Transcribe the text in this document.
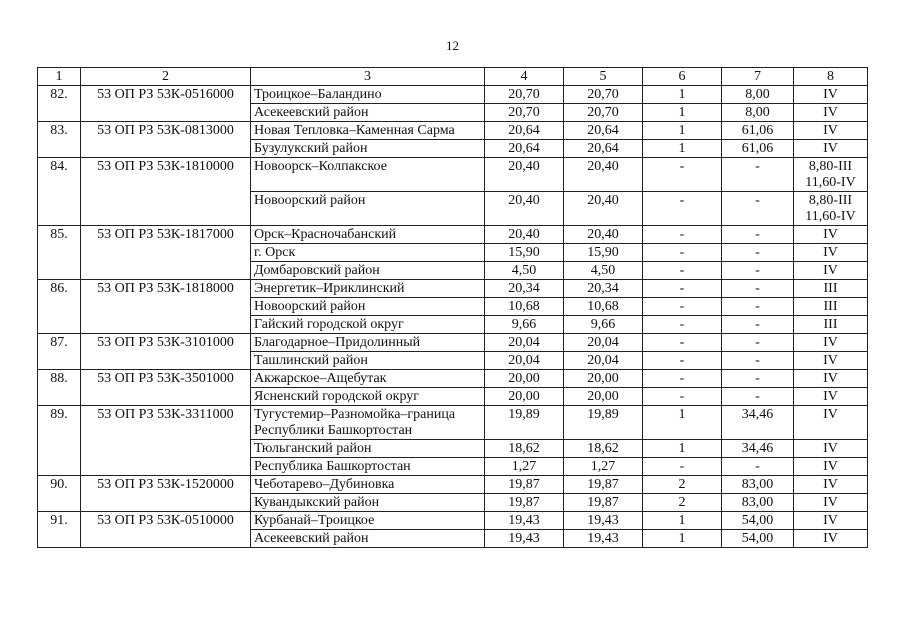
12
1	2	3	4	5	6	7	8
82.	53 ОП РЗ 53К-0516000	Троицкое–Баландино	20,70	20,70	1	8,00	IV
		Асекеевский район	20,70	20,70	1	8,00	IV
83.	53 ОП РЗ 53К-0813000	Новая Тепловка–Каменная Сарма	20,64	20,64	1	61,06	IV
		Бузулукский район	20,64	20,64	1	61,06	IV
84.	53 ОП РЗ 53К-1810000	Новоорск–Колпакское	20,40	20,40	-	-	8,80-III
11,60-IV
		Новоорский район	20,40	20,40	-	-	8,80-III
11,60-IV
85.	53 ОП РЗ 53К-1817000	Орск–Красночабанский	20,40	20,40	-	-	IV
		г. Орск	15,90	15,90	-	-	IV
		Домбаровский район	4,50	4,50	-	-	IV
86.	53 ОП РЗ 53К-1818000	Энергетик–Ириклинский	20,34	20,34	-	-	III
		Новоорский район	10,68	10,68	-	-	III
		Гайский городской округ	9,66	9,66	-	-	III
87.	53 ОП РЗ 53К-3101000	Благодарное–Придолинный	20,04	20,04	-	-	IV
		Ташлинский район	20,04	20,04	-	-	IV
88.	53 ОП РЗ 53К-3501000	Акжарское–Ащебутак	20,00	20,00	-	-	IV
		Ясненский городской округ	20,00	20,00	-	-	IV
89.	53 ОП РЗ 53К-3311000	Тугустемир–Разномойка–граница Республики Башкортостан	19,89	19,89	1	34,46	IV
		Тюльганский район	18,62	18,62	1	34,46	IV
		Республика Башкортостан	1,27	1,27	-	-	IV
90.	53 ОП РЗ 53К-1520000	Чеботарево–Дубиновка	19,87	19,87	2	83,00	IV
		Кувандыкский район	19,87	19,87	2	83,00	IV
91.	53 ОП РЗ 53К-0510000	Курбанай–Троицкое	19,43	19,43	1	54,00	IV
		Асекеевский район	19,43	19,43	1	54,00	IV
